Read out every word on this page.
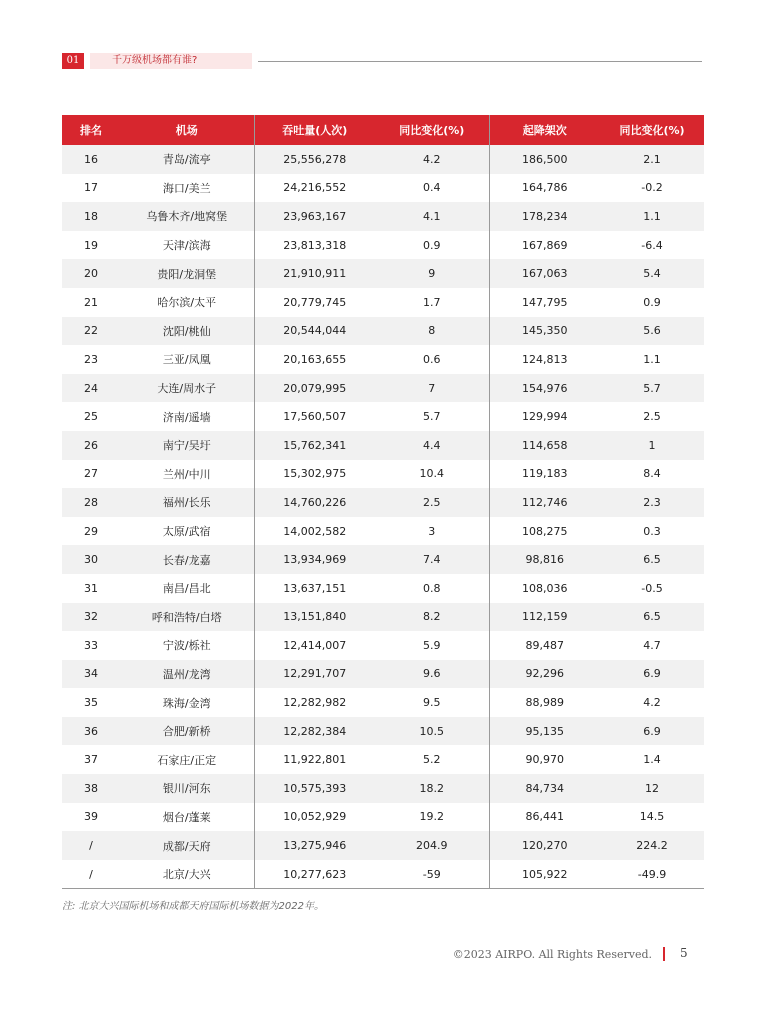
01	千万级机场都有谁?
排名	机场	吞吐量(人次)	同比变化(%)	起降架次	同比变化(%)
16	青岛/流亭	25,556,278	4.2	186,500	2.1
17	海口/美兰	24,216,552	0.4	164,786	-0.2
18	乌鲁木齐/地窝堡	23,963,167	4.1	178,234	1.1
19	天津/滨海	23,813,318	0.9	167,869	-6.4
20	贵阳/龙洞堡	21,910,911	9	167,063	5.4
21	哈尔滨/太平	20,779,745	1.7	147,795	0.9
22	沈阳/桃仙	20,544,044	8	145,350	5.6
23	三亚/凤凰	20,163,655	0.6	124,813	1.1
24	大连/周水子	20,079,995	7	154,976	5.7
25	济南/遥墙	17,560,507	5.7	129,994	2.5
26	南宁/吴圩	15,762,341	4.4	114,658	1
27	兰州/中川	15,302,975	10.4	119,183	8.4
28	福州/长乐	14,760,226	2.5	112,746	2.3
29	太原/武宿	14,002,582	3	108,275	0.3
30	长春/龙嘉	13,934,969	7.4	98,816	6.5
31	南昌/昌北	13,637,151	0.8	108,036	-0.5
32	呼和浩特/白塔	13,151,840	8.2	112,159	6.5
33	宁波/栎社	12,414,007	5.9	89,487	4.7
34	温州/龙湾	12,291,707	9.6	92,296	6.9
35	珠海/金湾	12,282,982	9.5	88,989	4.2
36	合肥/新桥	12,282,384	10.5	95,135	6.9
37	石家庄/正定	11,922,801	5.2	90,970	1.4
38	银川/河东	10,575,393	18.2	84,734	12
39	烟台/蓬莱	10,052,929	19.2	86,441	14.5
/	成都/天府	13,275,946	204.9	120,270	224.2
/	北京/大兴	10,277,623	-59	105,922	-49.9
注: 北京大兴国际机场和成都天府国际机场数据为2022年。
©2023 AIRPO. All Rights Reserved. 5
